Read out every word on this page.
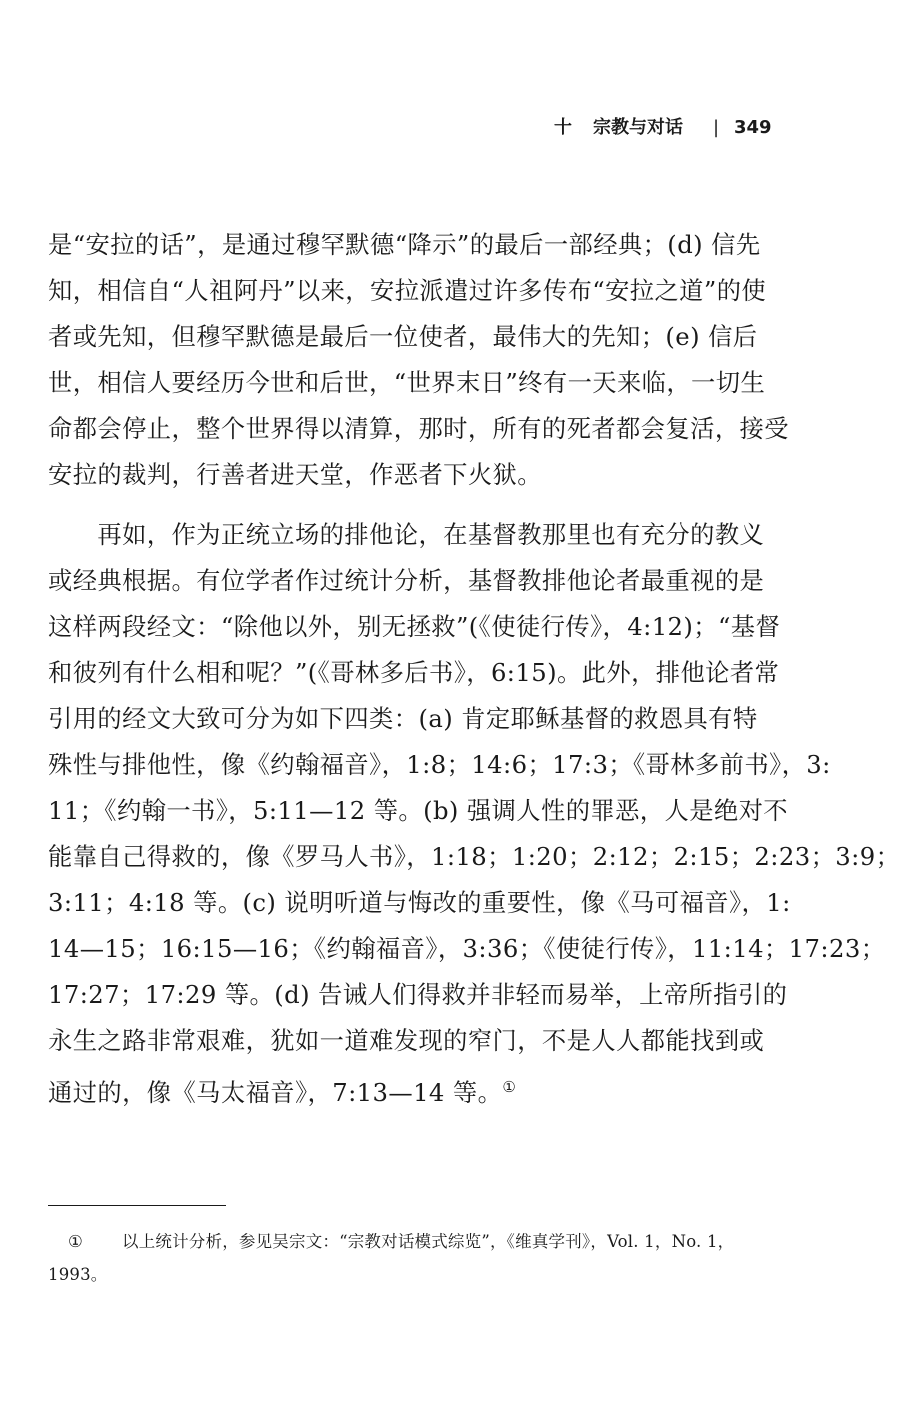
十 宗教与对话 | 349
是“安拉的话”，是通过穆罕默德“降示”的最后一部经典；(d) 信先
知，相信自“人祖阿丹”以来，安拉派遣过许多传布“安拉之道”的使
者或先知，但穆罕默德是最后一位使者，最伟大的先知；(e) 信后
世，相信人要经历今世和后世，“世界末日”终有一天来临，一切生
命都会停止，整个世界得以清算，那时，所有的死者都会复活，接受
安拉的裁判，行善者进天堂，作恶者下火狱。
　　再如，作为正统立场的排他论，在基督教那里也有充分的教义
或经典根据。有位学者作过统计分析，基督教排他论者最重视的是
这样两段经文：“除他以外，别无拯救”(《使徒行传》，4:12)；“基督
和彼列有什么相和呢？”(《哥林多后书》，6:15)。此外，排他论者常
引用的经文大致可分为如下四类：(a) 肯定耶稣基督的救恩具有特
殊性与排他性，像《约翰福音》，1:8；14:6；17:3；《哥林多前书》，3:
11；《约翰一书》，5:11—12 等。(b) 强调人性的罪恶，人是绝对不
能靠自己得救的，像《罗马人书》，1:18；1:20；2:12；2:15；2:23；3:9；
3:11；4:18 等。(c) 说明听道与悔改的重要性，像《马可福音》，1:
14—15；16:15—16；《约翰福音》，3:36；《使徒行传》，11:14；17:23；
17:27；17:29 等。(d) 告诫人们得救并非轻而易举，上帝所指引的
永生之路非常艰难，犹如一道难发现的窄门，不是人人都能找到或
通过的，像《马太福音》，7:13—14 等。①
① 以上统计分析，参见吴宗文：“宗教对话模式综览”，《维真学刊》，Vol. 1，No. 1，
1993。
